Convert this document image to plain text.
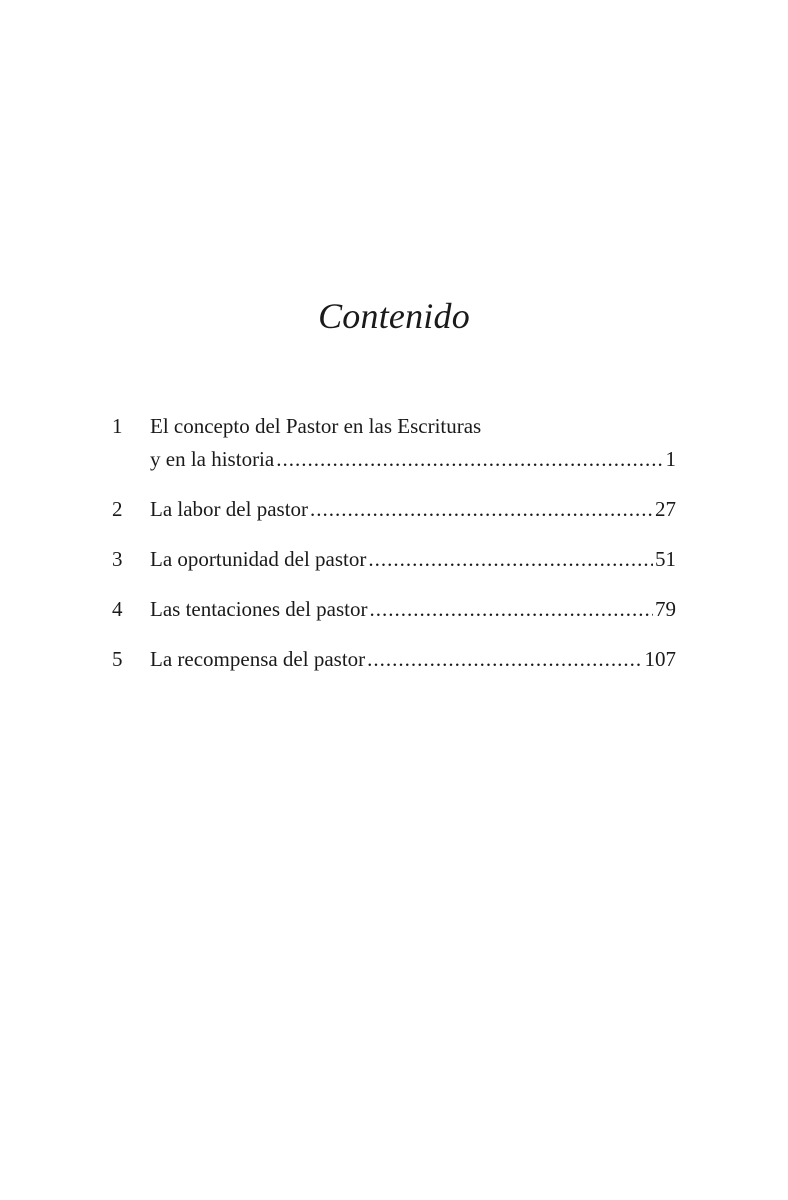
Contenido
1	El concepto del Pastor en las Escrituras
y en la historia .....	1
2	La labor del pastor .....	27
3	La oportunidad del pastor .....	51
4	Las tentaciones del pastor .....	79
5	La recompensa del pastor .....	107
